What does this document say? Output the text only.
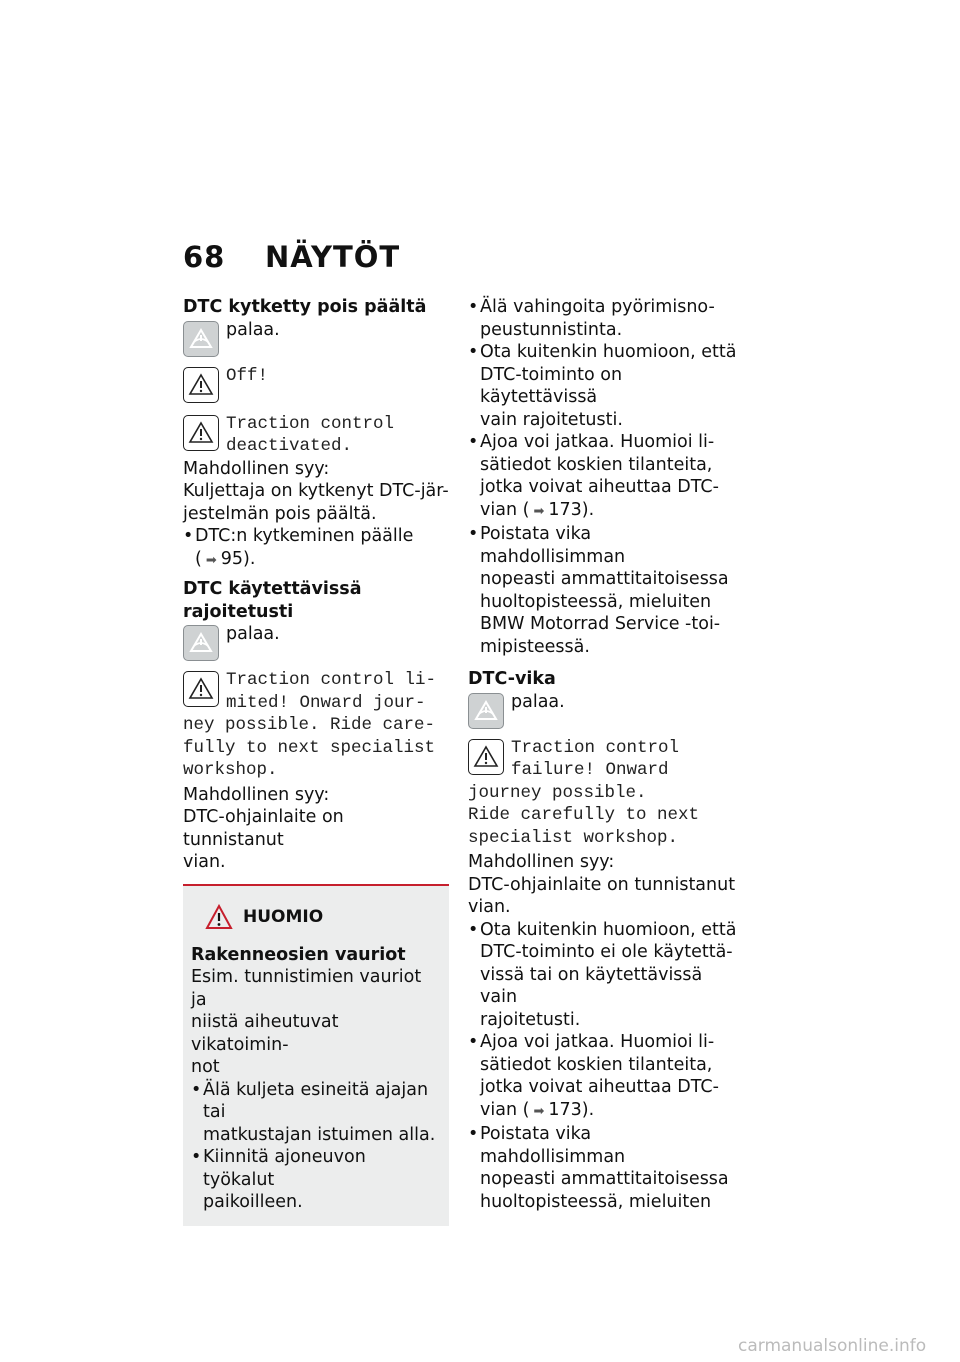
68 NÄYTÖT
DTC kytketty pois päältä
palaa.
Off!
Traction control
deactivated.
Mahdollinen syy:
Kuljettaja on kytkenyt DTC-jär-
jestelmän pois päältä.
• DTC:n kytkeminen päälle
( ➡ 95).
DTC käytettävissä rajoitetusti
palaa.
Traction control li-
mited! Onward jour-
ney possible. Ride care-
fully to next specialist
workshop.
Mahdollinen syy:
DTC-ohjainlaite on tunnistanut
vian.
HUOMIO
Rakenneosien vauriot
Esim. tunnistimien vauriot ja
niistä aiheutuvat vikatoimin-
not
• Älä kuljeta esineitä ajajan tai
matkustajan istuimen alla.
• Kiinnitä ajoneuvon työkalut
paikoilleen.
• Älä vahingoita pyörimisno-
peustunnistinta.
• Ota kuitenkin huomioon, että
DTC-toiminto on käytettävissä
vain rajoitetusti.
• Ajoa voi jatkaa. Huomioi li-
sätiedot koskien tilanteita,
jotka voivat aiheuttaa DTC-
vian ( ➡ 173).
• Poistata vika mahdollisimman
nopeasti ammattitaitoisessa
huoltopisteessä, mieluiten
BMW Motorrad Service -toi-
mipisteessä.
DTC-vika
palaa.
Traction control
failure! Onward
journey possible.
Ride carefully to next
specialist workshop.
Mahdollinen syy:
DTC-ohjainlaite on tunnistanut
vian.
• Ota kuitenkin huomioon, että
DTC-toiminto ei ole käytettä-
vissä tai on käytettävissä vain
rajoitetusti.
• Ajoa voi jatkaa. Huomioi li-
sätiedot koskien tilanteita,
jotka voivat aiheuttaa DTC-
vian ( ➡ 173).
• Poistata vika mahdollisimman
nopeasti ammattitaitoisessa
huoltopisteessä, mieluiten
carmanualsonline.info
